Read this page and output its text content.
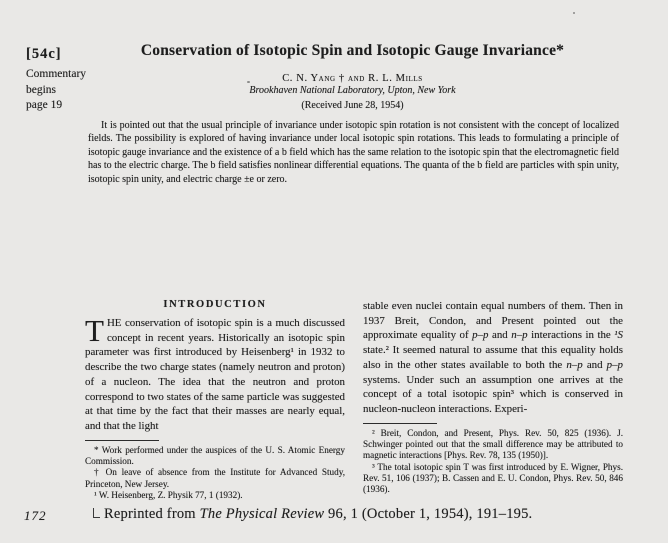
[54c]
Commentary
begins
page 19
Conservation of Isotopic Spin and Isotopic Gauge Invariance*
C. N. Yang † and R. L. Mills
Brookhaven National Laboratory, Upton, New York
(Received June 28, 1954)
It is pointed out that the usual principle of invariance under isotopic spin rotation is not consistent with the concept of localized fields. The possibility is explored of having invariance under local isotopic spin rotations. This leads to formulating a principle of isotopic gauge invariance and the existence of a b field which has the same relation to the isotopic spin that the electromagnetic field has to the electric charge. The b field satisfies nonlinear differential equations. The quanta of the b field are particles with spin unity, isotopic spin unity, and electric charge ±e or zero.
INTRODUCTION

THE conservation of isotopic spin is a much discussed concept in recent years. Historically an isotopic spin parameter was first introduced by Heisenberg¹ in 1932 to describe the two charge states (namely neutron and proton) of a nucleon. The idea that the neutron and proton correspond to two states of the same particle was suggested at that time by the fact that their masses are nearly equal, and that the light

* Work performed under the auspices of the U. S. Atomic Energy Commission.

† On leave of absence from the Institute for Advanced Study, Princeton, New Jersey.

¹ W. Heisenberg, Z. Physik 77, 1 (1932).

stable even nuclei contain equal numbers of them. Then in 1937 Breit, Condon, and Present pointed out the approximate equality of p–p and n–p interactions in the ¹S state.² It seemed natural to assume that this equality holds also in the other states available to both the n–p and p–p systems. Under such an assumption one arrives at the concept of a total isotopic spin³ which is conserved in nucleon-nucleon interactions. Experi-

² Breit, Condon, and Present, Phys. Rev. 50, 825 (1936). J. Schwinger pointed out that the small difference may be attributed to magnetic interactions [Phys. Rev. 78, 135 (1950)].

³ The total isotopic spin T was first introduced by E. Wigner, Phys. Rev. 51, 106 (1937); B. Cassen and E. U. Condon, Phys. Rev. 50, 846 (1936).

172	Reprinted from The Physical Review 96, 1 (October 1, 1954), 191–195.
